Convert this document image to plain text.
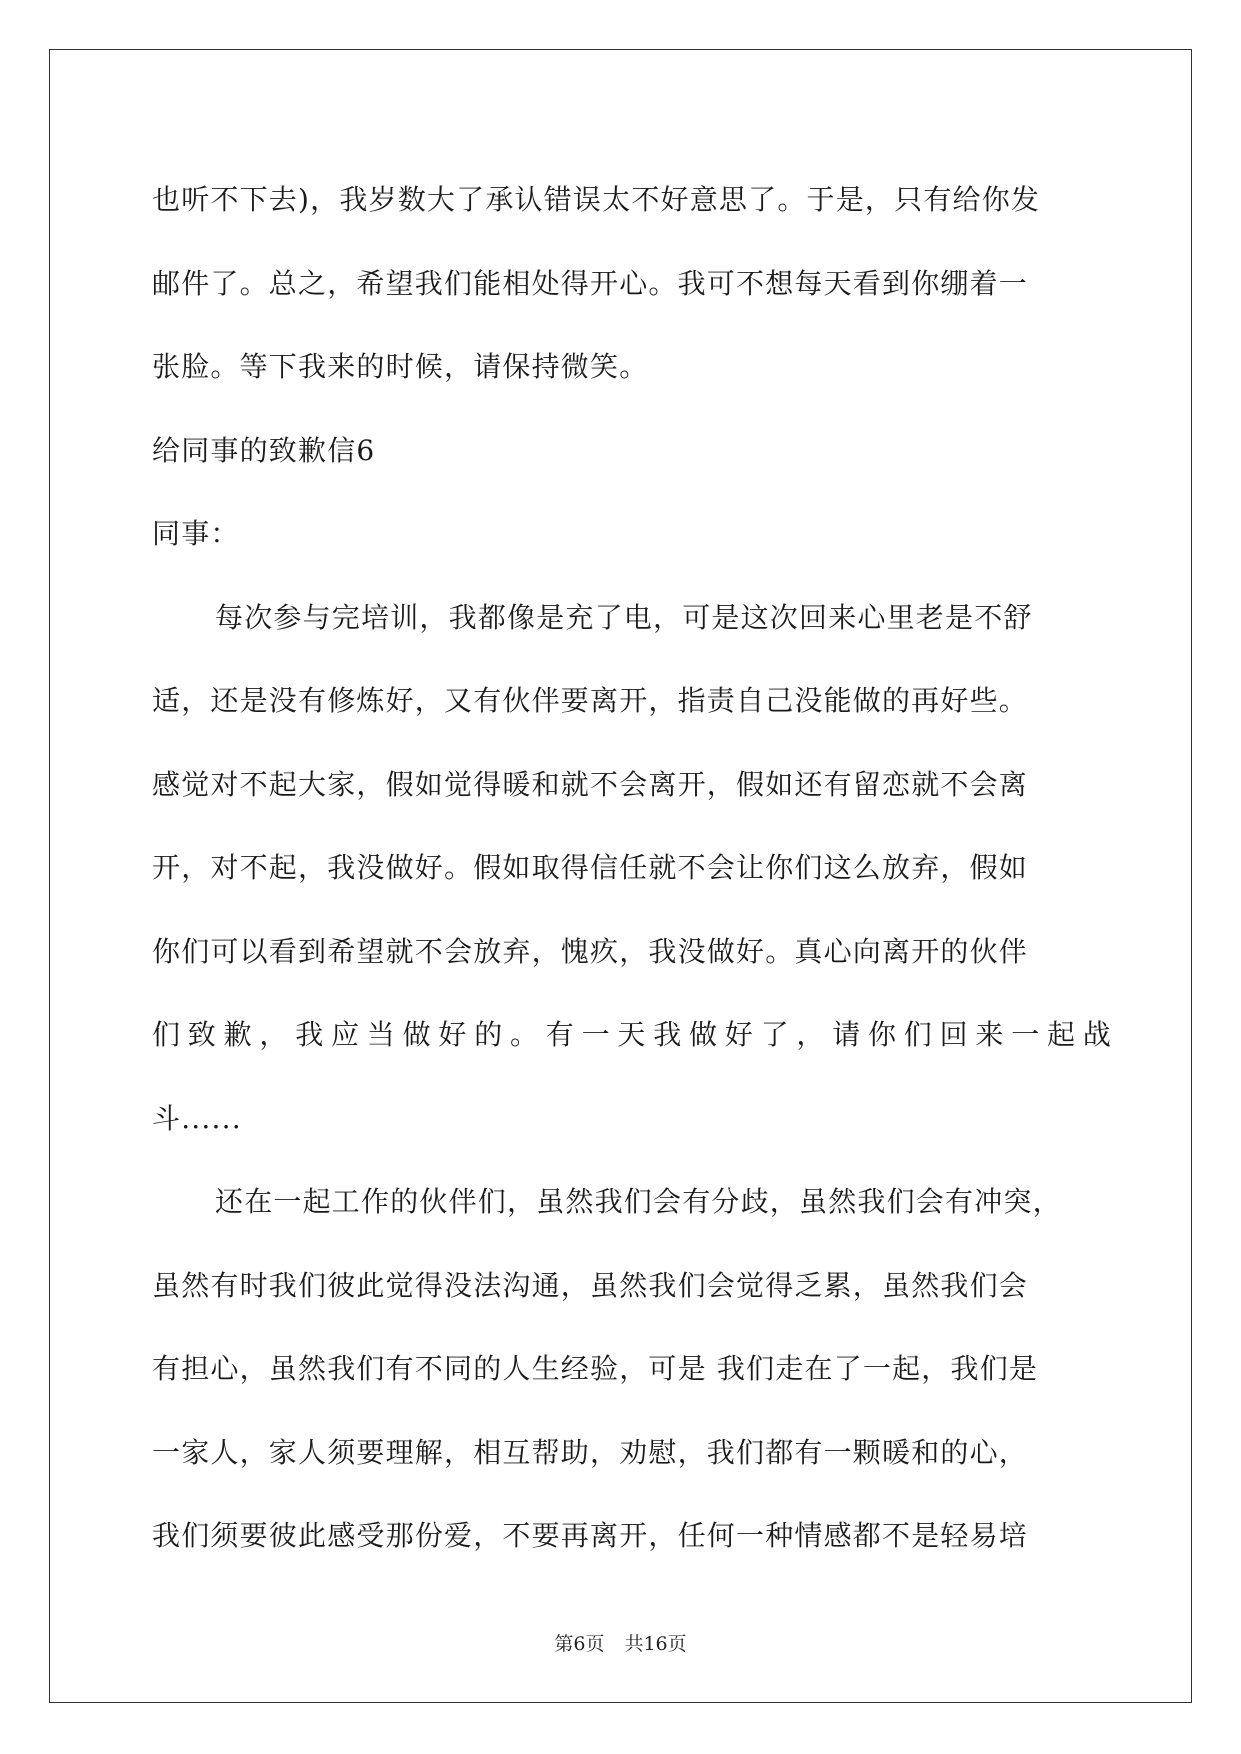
也听不下去)，我岁数大了承认错误太不好意思了。于是，只有给你发
邮件了。总之，希望我们能相处得开心。我可不想每天看到你绷着一
张脸。等下我来的时候，请保持微笑。
给同事的致歉信6
同事：
每次参与完培训，我都像是充了电，可是这次回来心里老是不舒
适，还是没有修炼好，又有伙伴要离开，指责自己没能做的再好些。
感觉对不起大家，假如觉得暖和就不会离开，假如还有留恋就不会离
开，对不起，我没做好。假如取得信任就不会让你们这么放弃，假如
你们可以看到希望就不会放弃，愧疚，我没做好。真心向离开的伙伴
们致歉，我应当做好的。有一天我做好了，请你们回来一起战
斗......
还在一起工作的伙伴们，虽然我们会有分歧，虽然我们会有冲突，
虽然有时我们彼此觉得没法沟通，虽然我们会觉得乏累，虽然我们会
有担心，虽然我们有不同的人生经验，可是 我们走在了一起，我们是
一家人，家人须要理解，相互帮助，劝慰，我们都有一颗暖和的心，
我们须要彼此感受那份爱，不要再离开，任何一种情感都不是轻易培
第6页 共16页
